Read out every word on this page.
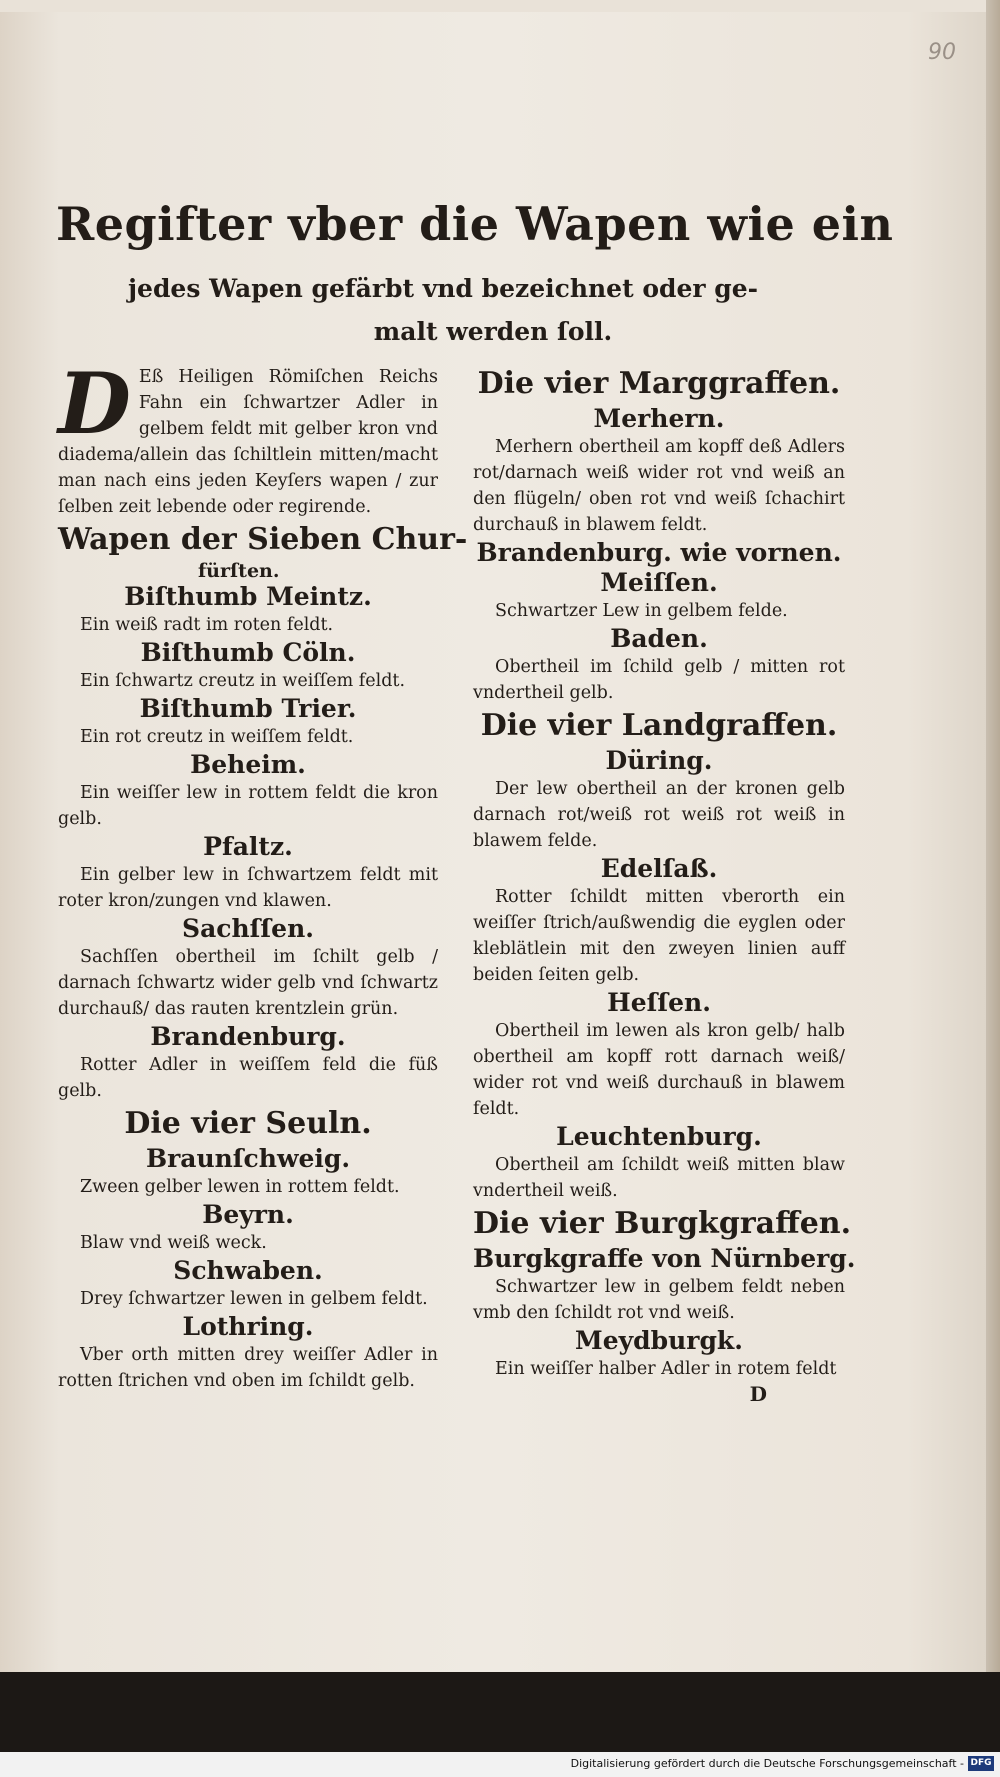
90
Regifter vber die Wapen wie ein
jedes Wapen gefärbt vnd bezeichnet oder ge-
malt werden ſoll.

D Eß Heiligen Römiſchen Reichs Fahn ein ſchwartzer Adler in gelbem feldt mit gelber kron vnd diadema/allein das ſchiltlein mitten/macht man nach eins jeden Keyſers wapen / zur ſelben zeit lebende oder regirende.

Wapen der Sieben Chur-
fürſten.
Biſthumb Meintz.

Ein weiß radt im roten feldt.

Biſthumb Cöln.

Ein ſchwartz creutz in weiſſem feldt.

Biſthumb Trier.

Ein rot creutz in weiſſem feldt.

Beheim.

Ein weiſſer lew in rottem feldt die kron gelb.

Pfaltz.

Ein gelber lew in ſchwartzem feldt mit roter kron/zungen vnd klawen.

Sachſſen.

Sachſſen obertheil im ſchilt gelb / darnach ſchwartz wider gelb vnd ſchwartz durchauß/ das rauten krentzlein grün.

Brandenburg.

Rotter Adler in weiſſem feld die füß gelb.

Die vier Seuln.
Braunſchweig.

Zween gelber lewen in rottem feldt.

Beyrn.

Blaw vnd weiß weck.

Schwaben.

Drey ſchwartzer lewen in gelbem feldt.

Lothring.

Vber orth mitten drey weiſſer Adler in rotten ſtrichen vnd oben im ſchildt gelb.

Die vier Marggraffen.
Merhern.

Merhern obertheil am kopff deß Adlers rot/darnach weiß wider rot vnd weiß an den flügeln/ oben rot vnd weiß ſchachirt durchauß in blawem feldt.

Brandenburg. wie vornen.
Meiſſen.

Schwartzer Lew in gelbem felde.

Baden.

Obertheil im ſchild gelb / mitten rot vndertheil gelb.

Die vier Landgraffen.
Düring.

Der lew obertheil an der kronen gelb darnach rot/weiß rot weiß rot weiß in blawem felde.

Edelſaß.

Rotter ſchildt mitten vberorth ein weiſſer ſtrich/außwendig die eyglen oder kleblätlein mit den zweyen linien auff beiden ſeiten gelb.

Heſſen.

Obertheil im lewen als kron gelb/ halb obertheil am kopff rott darnach weiß/ wider rot vnd weiß durchauß in blawem feldt.

Leuchtenburg.

Obertheil am ſchildt weiß mitten blaw vndertheil weiß.

Die vier Burgkgraffen.
Burgkgraffe von Nürnberg.

Schwartzer lew in gelbem feldt neben vmb den ſchildt rot vnd weiß.

Meydburgk.

Ein weiſſer halber Adler in rotem feldt

D
Digitalisierung gefördert durch die Deutsche Forschungsgemeinschaft - DFG
